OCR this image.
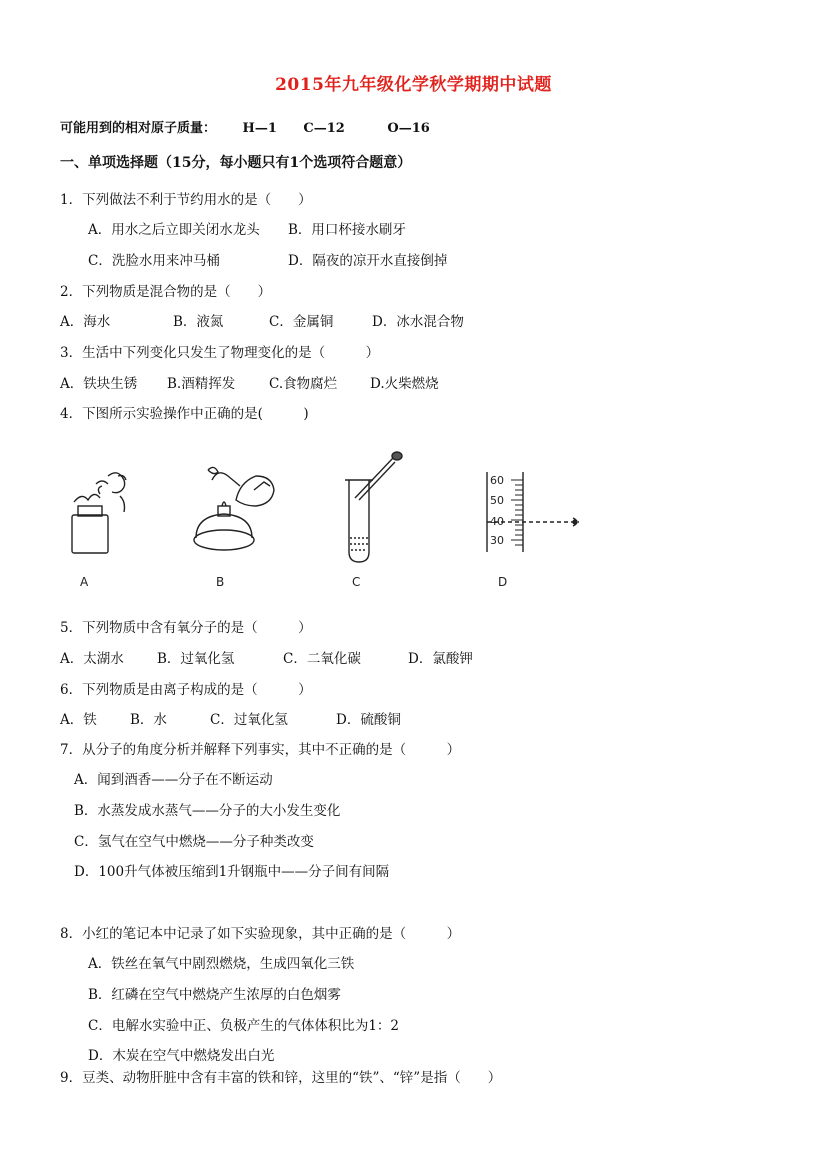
2015年九年级化学秋学期期中试题
可能用到的相对原子质量： H—1 C—12	O—16
一、单项选择题（15分，每小题只有1个选项符合题意）
1．下列做法不利于节约用水的是（　　）
A．用水之后立即关闭水龙头 B．用口杯接水刷牙
C．洗脸水用来冲马桶	D．隔夜的凉开水直接倒掉
2．下列物质是混合物的是（　　）
A．海水	B．液氮	C．金属铜	D．冰水混合物
3．生活中下列变化只发生了物理变化的是（　　　）
A．铁块生锈 B.酒精挥发	C.食物腐烂 D.火柴燃烧
4．下图所示实验操作中正确的是(　　　)
A	B	C
60
50
40
30
D
5．下列物质中含有氧分子的是（　　　）
A．太湖水 B．过氧化氢	C．二氧化碳	D．氯酸钾
6．下列物质是由离子构成的是（　　　）
A．铁 B．水	C．过氧化氢	D．硫酸铜
7．从分子的角度分析并解释下列事实，其中不正确的是（　　　）
A．闻到酒香——分子在不断运动
B．水蒸发成水蒸气——分子的大小发生变化
C．氢气在空气中燃烧——分子种类改变
D．100升气体被压缩到1升钢瓶中——分子间有间隔
8．小红的笔记本中记录了如下实验现象，其中正确的是（　　　）
A．铁丝在氧气中剧烈燃烧，生成四氧化三铁
B．红磷在空气中燃烧产生浓厚的白色烟雾
C．电解水实验中正、负极产生的气体体积比为1：2
D．木炭在空气中燃烧发出白光
9．豆类、动物肝脏中含有丰富的铁和锌，这里的“铁”、“锌”是指（　　）
